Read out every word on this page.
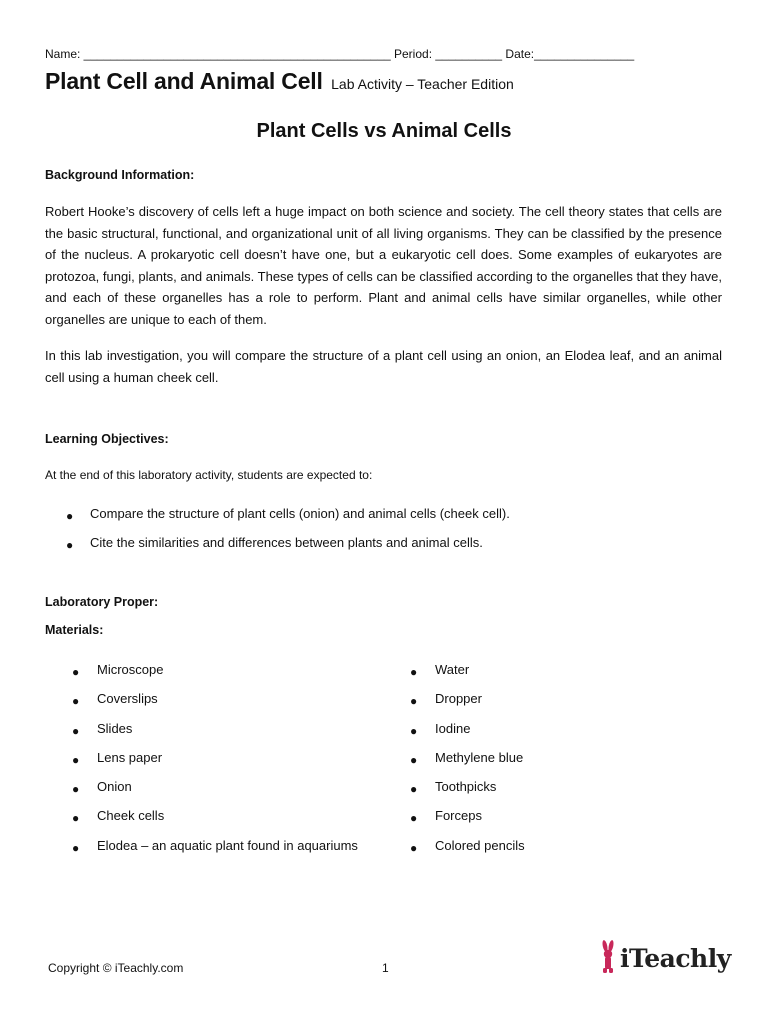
Name: ______________________________________________ Period: __________ Date:_______________
Plant Cell and Animal Cell Lab Activity – Teacher Edition
Plant Cells vs Animal Cells
Background Information:
Robert Hooke’s discovery of cells left a huge impact on both science and society. The cell theory states that cells are the basic structural, functional, and organizational unit of all living organisms. They can be classified by the presence of the nucleus. A prokaryotic cell doesn’t have one, but a eukaryotic cell does. Some examples of eukaryotes are protozoa, fungi, plants, and animals. These types of cells can be classified according to the organelles that they have, and each of these organelles has a role to perform. Plant and animal cells have similar organelles, while other organelles are unique to each of them.
In this lab investigation, you will compare the structure of a plant cell using an onion, an Elodea leaf, and an animal cell using a human cheek cell.
Learning Objectives:
At the end of this laboratory activity, students are expected to:
●	Compare the structure of plant cells (onion) and animal cells (cheek cell).
●	Cite the similarities and differences between plants and animal cells.
Laboratory Proper:
Materials:
●	Microscope
●	Coverslips
●	Slides
●	Lens paper
●	Onion
●	Cheek cells
●	Elodea – an aquatic plant found in aquariums
●	Water
●	Dropper
●	Iodine
●	Methylene blue
●	Toothpicks
●	Forceps
●	Colored pencils
Copyright © iTeachly.com	1	iTeachly
